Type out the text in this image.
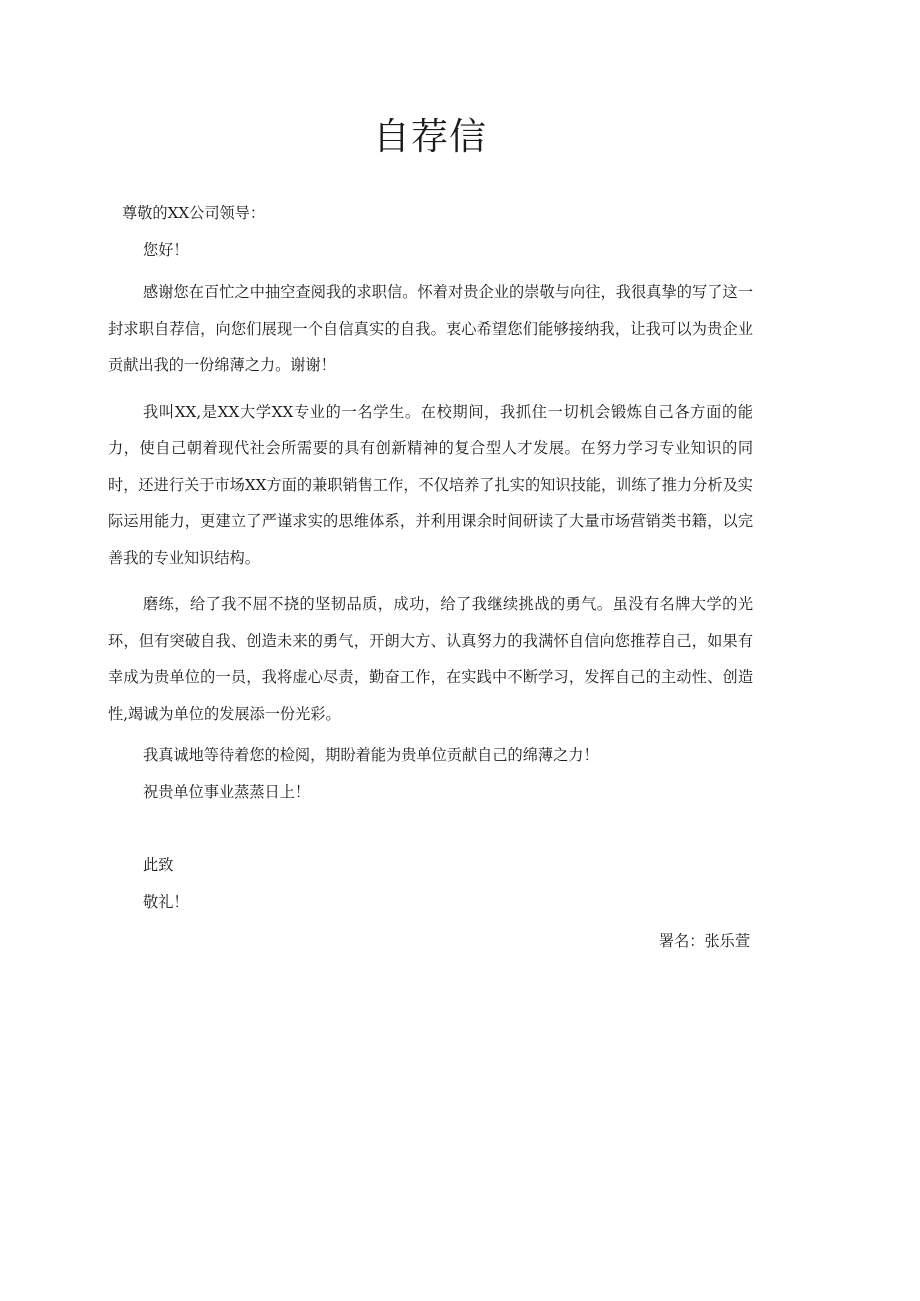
自荐信

尊敬的XX公司领导：

您好！

感谢您在百忙之中抽空查阅我的求职信。怀着对贵企业的崇敬与向往，我很真挚的写了这一封求职自荐信，向您们展现一个自信真实的自我。衷心希望您们能够接纳我，让我可以为贵企业贡献出我的一份绵薄之力。谢谢！

我叫XX,是XX大学XX专业的一名学生。在校期间，我抓住一切机会锻炼自己各方面的能力，使自己朝着现代社会所需要的具有创新精神的复合型人才发展。在努力学习专业知识的同时，还进行关于市场XX方面的兼职销售工作，不仅培养了扎实的知识技能，训练了推力分析及实际运用能力，更建立了严谨求实的思维体系，并利用课余时间研读了大量市场营销类书籍，以完善我的专业知识结构。

磨练，给了我不屈不挠的坚韧品质，成功，给了我继续挑战的勇气。虽没有名牌大学的光环，但有突破自我、创造未来的勇气，开朗大方、认真努力的我满怀自信向您推荐自己，如果有幸成为贵单位的一员，我将虚心尽责，勤奋工作，在实践中不断学习，发挥自己的主动性、创造性,竭诚为单位的发展添一份光彩。

我真诚地等待着您的检阅，期盼着能为贵单位贡献自己的绵薄之力！

祝贵单位事业蒸蒸日上！

此致

敬礼！

署名：张乐萱
